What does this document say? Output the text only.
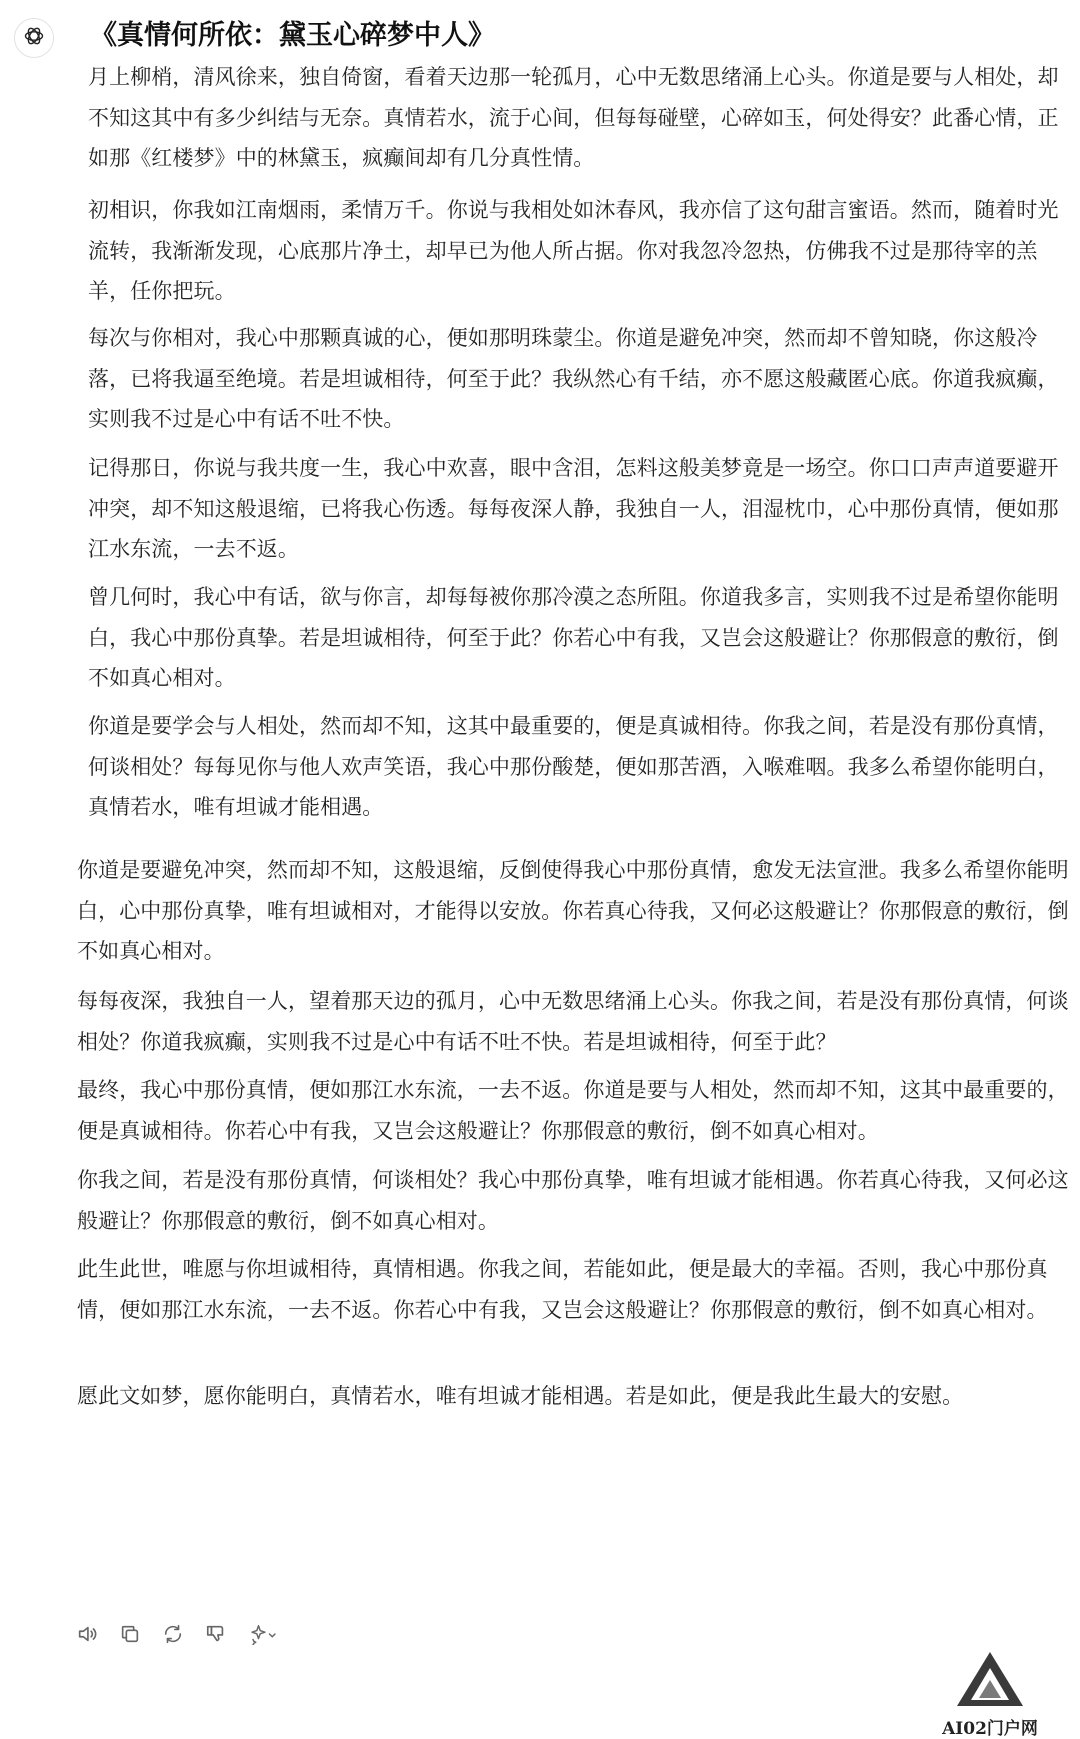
《真情何所依：黛玉心碎梦中人》

月上柳梢，清风徐来，独自倚窗，看着天边那一轮孤月，心中无数思绪涌上心头。你道是要与人相处，却不知这其中有多少纠结与无奈。真情若水，流于心间，但每每碰壁，心碎如玉，何处得安？此番心情，正如那《红楼梦》中的林黛玉，疯癫间却有几分真性情。

初相识，你我如江南烟雨，柔情万千。你说与我相处如沐春风，我亦信了这句甜言蜜语。然而，随着时光流转，我渐渐发现，心底那片净土，却早已为他人所占据。你对我忽冷忽热，仿佛我不过是那待宰的羔羊，任你把玩。

每次与你相对，我心中那颗真诚的心，便如那明珠蒙尘。你道是避免冲突，然而却不曾知晓，你这般冷落，已将我逼至绝境。若是坦诚相待，何至于此？我纵然心有千结，亦不愿这般藏匿心底。你道我疯癫，实则我不过是心中有话不吐不快。

记得那日，你说与我共度一生，我心中欢喜，眼中含泪，怎料这般美梦竟是一场空。你口口声声道要避开冲突，却不知这般退缩，已将我心伤透。每每夜深人静，我独自一人，泪湿枕巾，心中那份真情，便如那江水东流，一去不返。

曾几何时，我心中有话，欲与你言，却每每被你那冷漠之态所阻。你道我多言，实则我不过是希望你能明白，我心中那份真挚。若是坦诚相待，何至于此？你若心中有我，又岂会这般避让？你那假意的敷衍，倒不如真心相对。

你道是要学会与人相处，然而却不知，这其中最重要的，便是真诚相待。你我之间，若是没有那份真情，何谈相处？每每见你与他人欢声笑语，我心中那份酸楚，便如那苦酒，入喉难咽。我多么希望你能明白，真情若水，唯有坦诚才能相遇。

你道是要避免冲突，然而却不知，这般退缩，反倒使得我心中那份真情，愈发无法宣泄。我多么希望你能明白，心中那份真挚，唯有坦诚相对，才能得以安放。你若真心待我，又何必这般避让？你那假意的敷衍，倒不如真心相对。

每每夜深，我独自一人，望着那天边的孤月，心中无数思绪涌上心头。你我之间，若是没有那份真情，何谈相处？你道我疯癫，实则我不过是心中有话不吐不快。若是坦诚相待，何至于此？

最终，我心中那份真情，便如那江水东流，一去不返。你道是要与人相处，然而却不知，这其中最重要的，便是真诚相待。你若心中有我，又岂会这般避让？你那假意的敷衍，倒不如真心相对。

你我之间，若是没有那份真情，何谈相处？我心中那份真挚，唯有坦诚才能相遇。你若真心待我，又何必这般避让？你那假意的敷衍，倒不如真心相对。

此生此世，唯愿与你坦诚相待，真情相遇。你我之间，若能如此，便是最大的幸福。否则，我心中那份真情，便如那江水东流，一去不返。你若心中有我，又岂会这般避让？你那假意的敷衍，倒不如真心相对。

愿此文如梦，愿你能明白，真情若水，唯有坦诚才能相遇。若是如此，便是我此生最大的安慰。

AI02门户网
